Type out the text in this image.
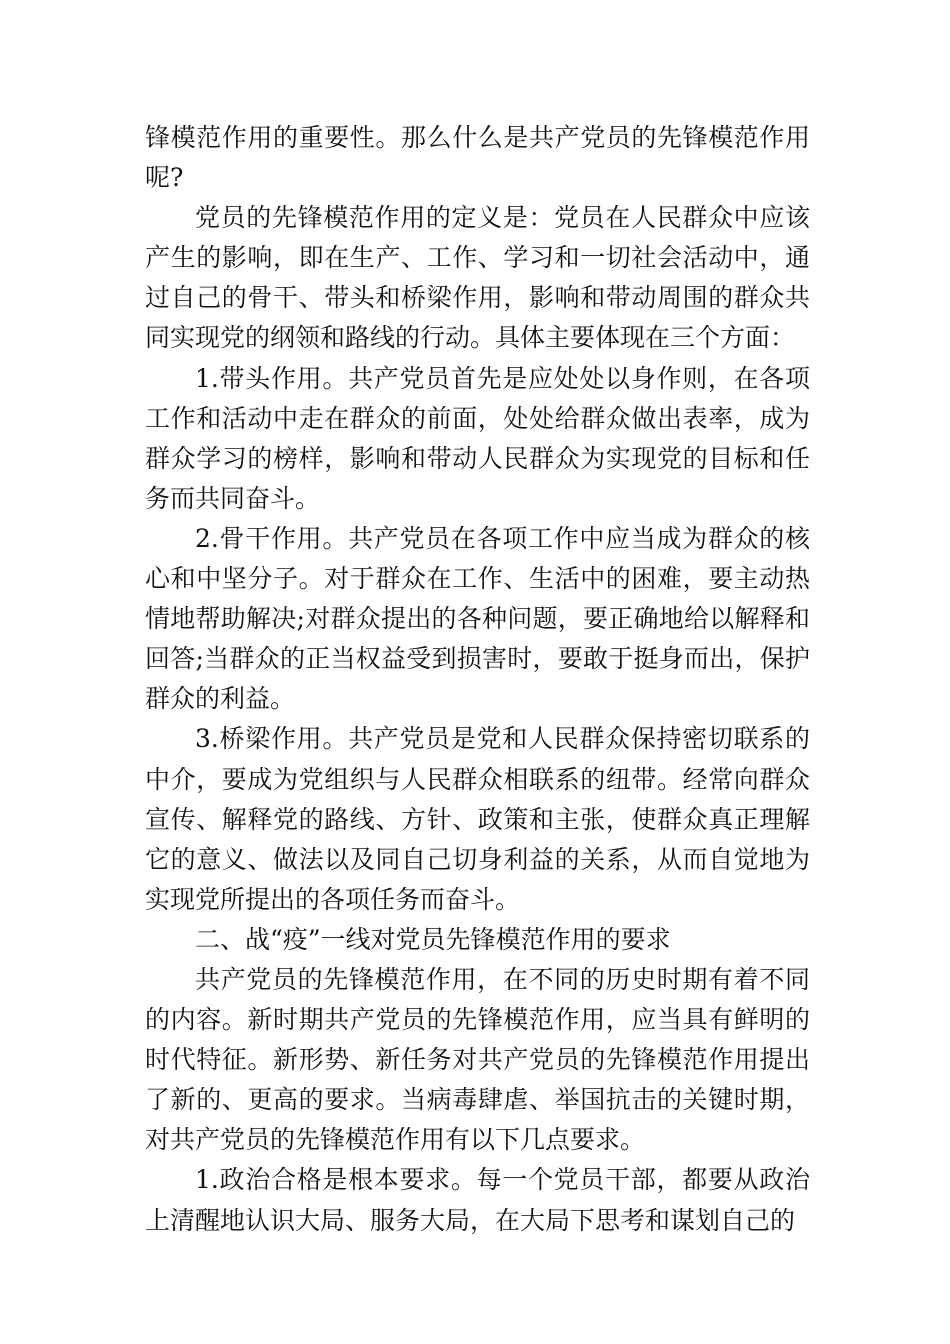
锋模范作用的重要性。那么什么是共产党员的先锋模范作用呢?

党员的先锋模范作用的定义是：党员在人民群众中应该产生的影响，即在生产、工作、学习和一切社会活动中，通过自己的骨干、带头和桥梁作用，影响和带动周围的群众共同实现党的纲领和路线的行动。具体主要体现在三个方面：

1.带头作用。共产党员首先是应处处以身作则，在各项工作和活动中走在群众的前面，处处给群众做出表率，成为群众学习的榜样，影响和带动人民群众为实现党的目标和任务而共同奋斗。

2.骨干作用。共产党员在各项工作中应当成为群众的核心和中坚分子。对于群众在工作、生活中的困难，要主动热情地帮助解决;对群众提出的各种问题，要正确地给以解释和回答;当群众的正当权益受到损害时，要敢于挺身而出，保护群众的利益。

3.桥梁作用。共产党员是党和人民群众保持密切联系的中介，要成为党组织与人民群众相联系的纽带。经常向群众宣传、解释党的路线、方针、政策和主张，使群众真正理解它的意义、做法以及同自己切身利益的关系，从而自觉地为实现党所提出的各项任务而奋斗。

二、战“疫”一线对党员先锋模范作用的要求

共产党员的先锋模范作用，在不同的历史时期有着不同的内容。新时期共产党员的先锋模范作用，应当具有鲜明的时代特征。新形势、新任务对共产党员的先锋模范作用提出了新的、更高的要求。当病毒肆虐、举国抗击的关键时期，对共产党员的先锋模范作用有以下几点要求。

1.政治合格是根本要求。每一个党员干部，都要从政治上清醒地认识大局、服务大局，在大局下思考和谋划自己的
